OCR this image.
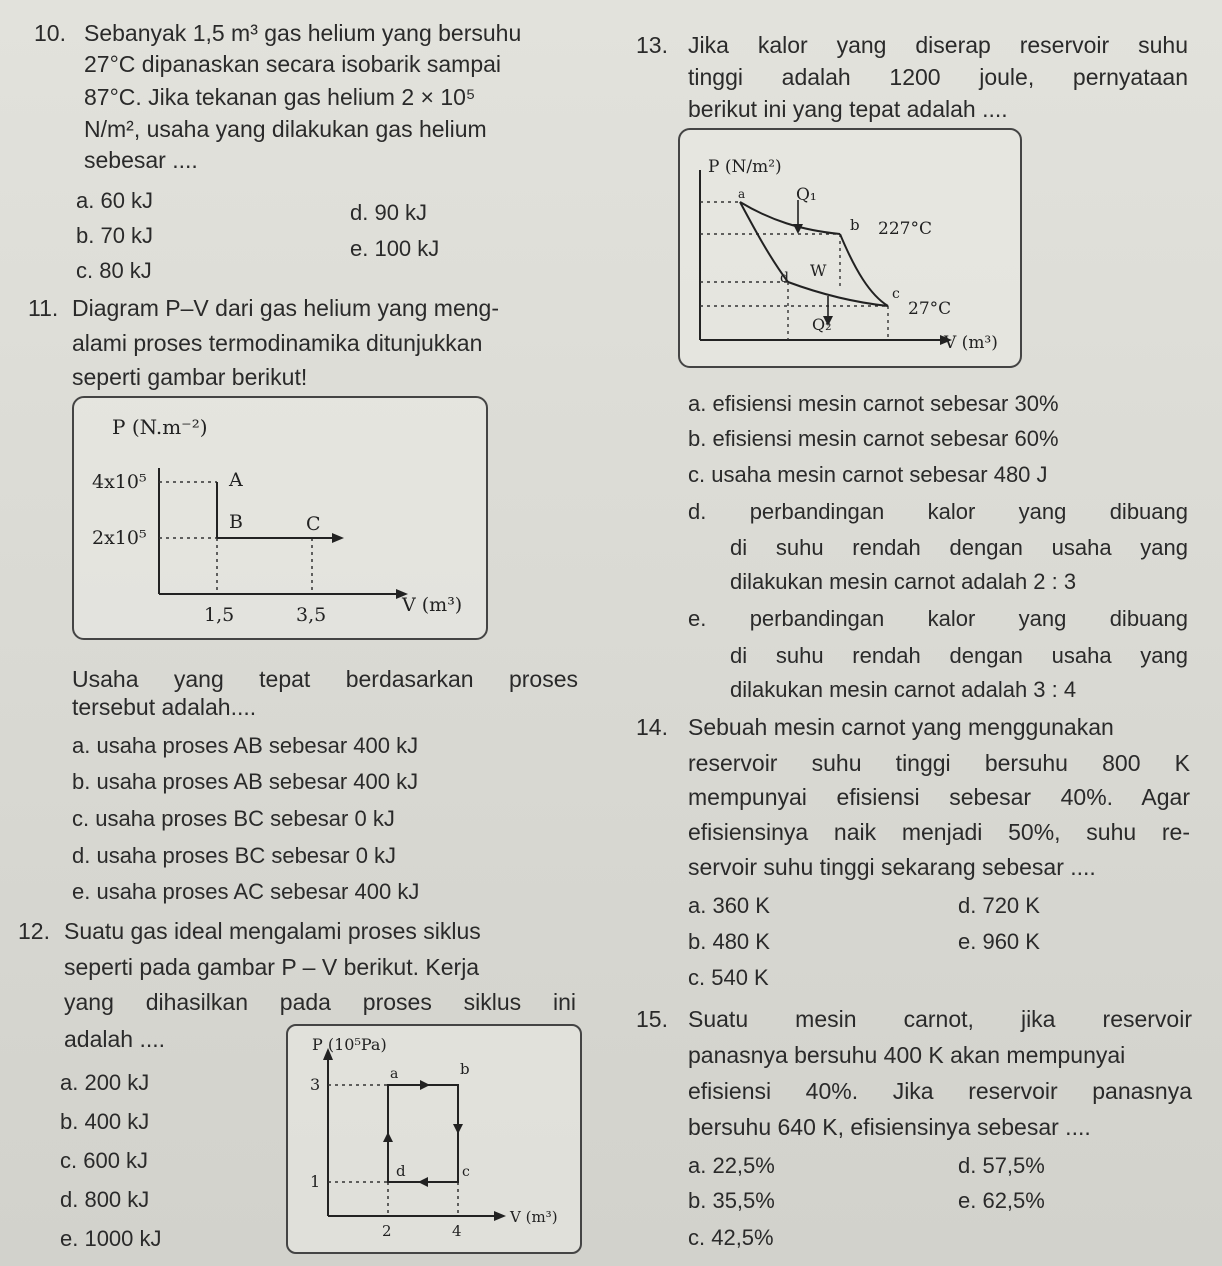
10. Sebanyak 1,5 m³ gas helium yang bersuhu
27°C dipanaskan secara isobarik sampai
87°C. Jika tekanan gas helium 2 × 10⁵
N/m², usaha yang dilakukan gas helium
sebesar ....
a. 60 kJ
b. 70 kJ
c. 80 kJ
d. 90 kJ
e. 100 kJ
11. Diagram P–V dari gas helium yang meng-
alami proses termodinamika ditunjukkan
seperti gambar berikut!
P (N.m⁻²)
4x10⁵
2x10⁵
A
B	C
1,5	3,5	V (m³)
Usaha yang tepat berdasarkan proses
tersebut adalah....
a. usaha proses AB sebesar 400 kJ
b. usaha proses AB sebesar 400 kJ
c. usaha proses BC sebesar 0 kJ
d. usaha proses BC sebesar 0 kJ
e. usaha proses AC sebesar 400 kJ
12. Suatu gas ideal mengalami proses siklus
seperti pada gambar P – V berikut. Kerja
yang dihasilkan pada proses siklus ini
adalah ....
a. 200 kJ
b. 400 kJ
c. 600 kJ
d. 800 kJ
e. 1000 kJ
P (10⁵Pa)
3
1
a	b
c
d
2	4
V (m³)
13. Jika kalor yang diserap reservoir suhu
tinggi adalah 1200 joule, pernyataan
berikut ini yang tepat adalah ....
P (N/m²)
a	Q₁
b 227°C
W
d
c
27°C
Q₂
V (m³)
a. efisiensi mesin carnot sebesar 30%
b. efisiensi mesin carnot sebesar 60%
c. usaha mesin carnot sebesar 480 J
d. perbandingan kalor yang dibuang
di suhu rendah dengan usaha yang
dilakukan mesin carnot adalah 2 : 3
e. perbandingan kalor yang dibuang
di suhu rendah dengan usaha yang
dilakukan mesin carnot adalah 3 : 4
14. Sebuah mesin carnot yang menggunakan
reservoir suhu tinggi bersuhu 800 K
mempunyai efisiensi sebesar 40%. Agar
efisiensinya naik menjadi 50%, suhu re-
servoir suhu tinggi sekarang sebesar ....
a. 360 K
b. 480 K
c. 540 K
d. 720 K
e. 960 K
15. Suatu mesin carnot, jika reservoir
panasnya bersuhu 400 K akan mempunyai
efisiensi 40%. Jika reservoir panasnya
bersuhu 640 K, efisiensinya sebesar ....
a. 22,5%
b. 35,5%
c. 42,5%
d. 57,5%
e. 62,5%
